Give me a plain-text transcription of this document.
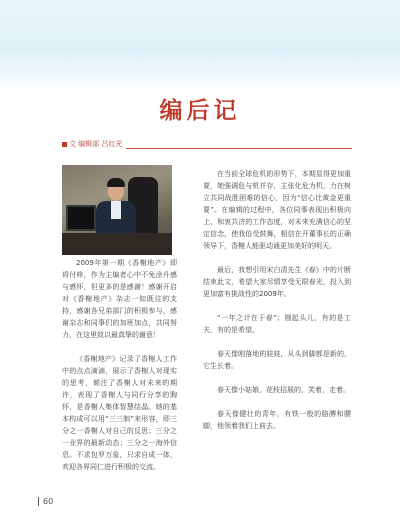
编后记
文 编辑部 吕红光

2009年第一期《香榭地产》即将付梓，作为主编者心中不免涂升感与感怀，但更多的是感谢！感谢开启对《香榭地产》杂志一如既往的支持，感谢各兄弟部门的积极参与，感谢杂志和同事们的加班加点，共同努力，在这里致以最真挚的谢意！

《香榭地产》记录了香榭人工作中的点点滴滴，展示了香榭人对现实的思考，倾注了香榭人对未来的期许，表现了香榭人与同行分享的胸怀，是香榭人集体智慧结晶。她的基本构成可以用“三三制”来形容，即三分之一香榭人对自己的反思；三分之一业界的最新动态；三分之一海外信息。不求包罗万象，只求自成一体，欢迎各界同仁进行积极的交流。

在当前全球危机的形势下，本期显得更加重要，她强调危与机并存，主张化危为机，力在树立共同战胜困难的信心，因为“信心比黄金更重要”。在编辑的过程中，各位同事表现出积极向上、和衷共济的工作态度，对未来充满信心的坚定信念，使我倍受鼓舞，相信在开董事长的正确领导下，香榭人能驱动通更加美好的明天。

最后，我想引用宋白清先生《春》中的片断结束此文，希望大家尽情享受无限春光，投入到更加富有挑战性的2009年。

“一年之计在于春”；刚起头儿，有的是工夫，有的是希望。

春天像刚落地的娃娃，从头到脚都是新的，它生长着。

春天像小姑娘，花枝招展的，笑着，走着。

春天像健壮的青年，有铁一般的胳膊和腰脚，他领着我们上前去。

60
